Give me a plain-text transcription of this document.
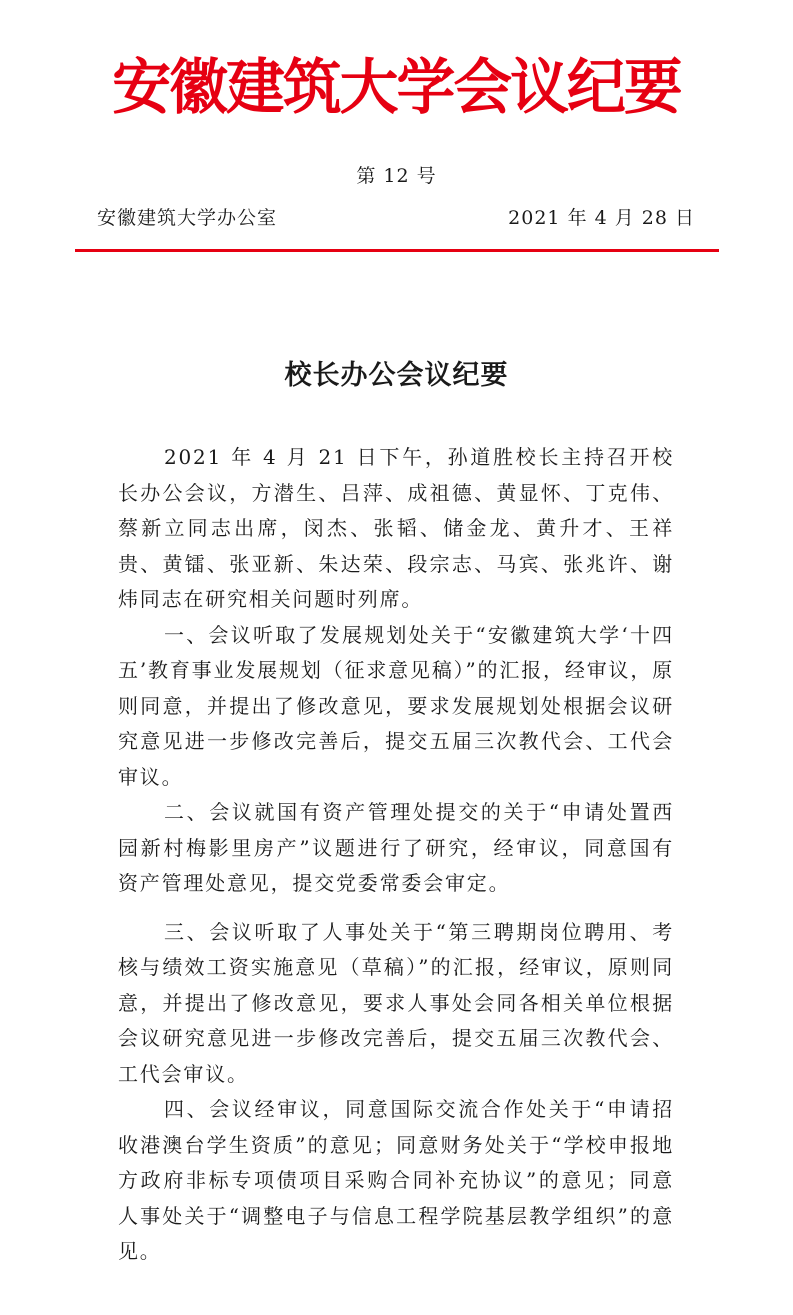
安徽建筑大学会议纪要
第 12 号
安徽建筑大学办公室	2021 年 4 月 28 日
校长办公会议纪要

2021 年 4 月 21 日下午，孙道胜校长主持召开校长办公会议，方潜生、吕萍、成祖德、黄显怀、丁克伟、蔡新立同志出席，闵杰、张韬、储金龙、黄升才、王祥贵、黄镭、张亚新、朱达荣、段宗志、马宾、张兆许、谢炜同志在研究相关问题时列席。

一、会议听取了发展规划处关于“安徽建筑大学‘十四五’教育事业发展规划（征求意见稿）”的汇报，经审议，原则同意，并提出了修改意见，要求发展规划处根据会议研究意见进一步修改完善后，提交五届三次教代会、工代会审议。

二、会议就国有资产管理处提交的关于“申请处置西园新村梅影里房产”议题进行了研究，经审议，同意国有资产管理处意见，提交党委常委会审定。

三、会议听取了人事处关于“第三聘期岗位聘用、考核与绩效工资实施意见（草稿）”的汇报，经审议，原则同意，并提出了修改意见，要求人事处会同各相关单位根据会议研究意见进一步修改完善后，提交五届三次教代会、工代会审议。

四、会议经审议，同意国际交流合作处关于“申请招收港澳台学生资质”的意见；同意财务处关于“学校申报地方政府非标专项债项目采购合同补充协议”的意见；同意人事处关于“调整电子与信息工程学院基层教学组织”的意见。
